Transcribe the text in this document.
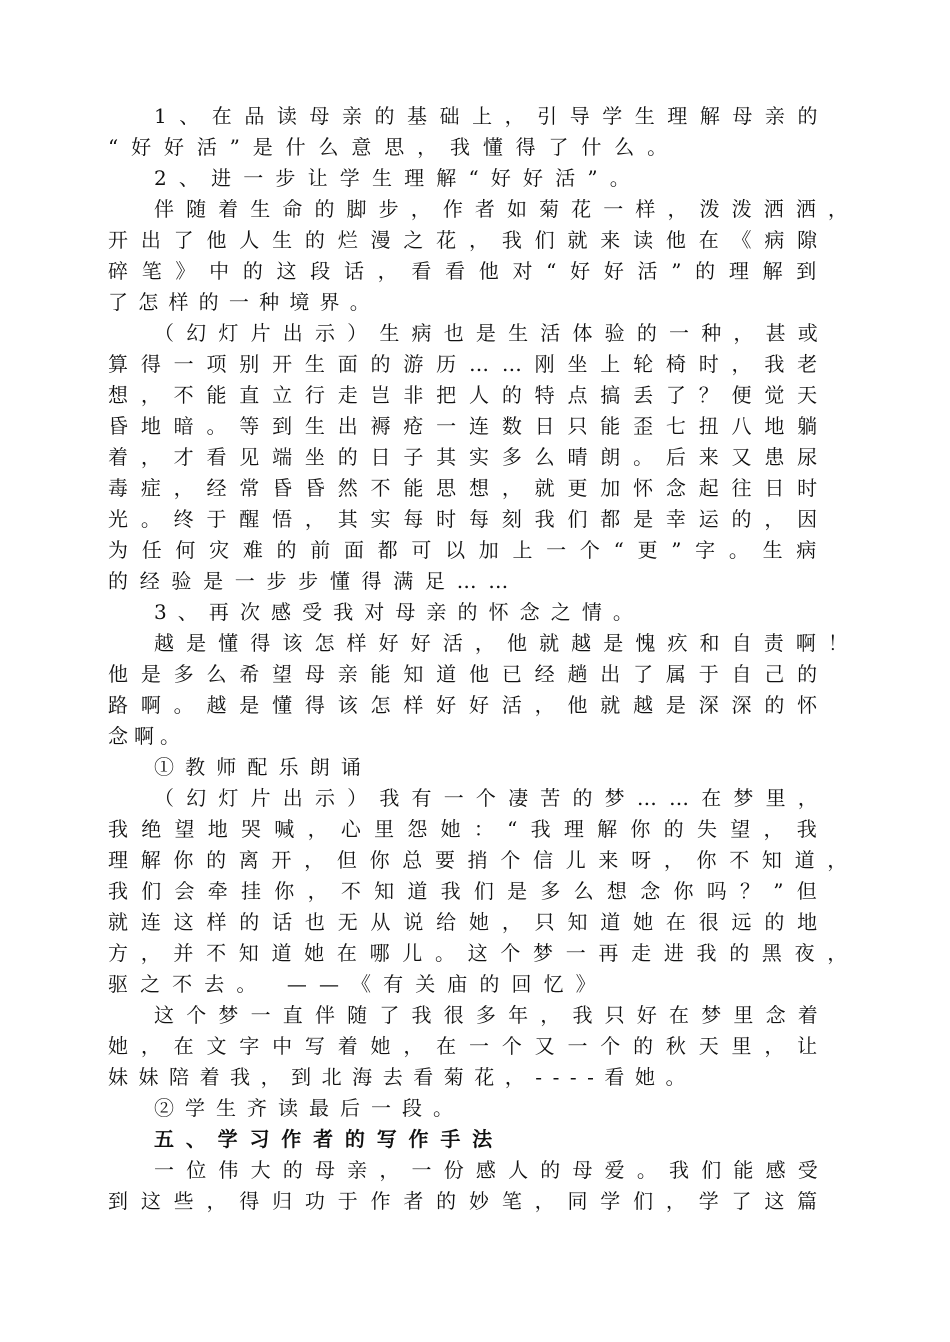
1、在品读母亲的基础上，引导学生理解母亲的
“好好活”是什么意思，我懂得了什么。
2、进一步让学生理解“好好活”。
伴随着生命的脚步，作者如菊花一样，泼泼洒洒，
开出了他人生的烂漫之花，我们就来读他在《病隙
碎笔》中的这段话，看看他对“好好活”的理解到
了怎样的一种境界。
（幻灯片出示）生病也是生活体验的一种，甚或
算得一项别开生面的游历……刚坐上轮椅时，我老
想，不能直立行走岂非把人的特点搞丢了？便觉天
昏地暗。等到生出褥疮一连数日只能歪七扭八地躺
着，才看见端坐的日子其实多么晴朗。后来又患尿
毒症，经常昏昏然不能思想，就更加怀念起往日时
光。终于醒悟，其实每时每刻我们都是幸运的，因
为任何灾难的前面都可以加上一个“更”字。生病
的经验是一步步懂得满足……
3、再次感受我对母亲的怀念之情。
越是懂得该怎样好好活，他就越是愧疚和自责啊！
他是多么希望母亲能知道他已经趟出了属于自己的
路啊。越是懂得该怎样好好活，他就越是深深的怀
念啊。
①教师配乐朗诵
（幻灯片出示）我有一个凄苦的梦……在梦里，
我绝望地哭喊，心里怨她：“我理解你的失望，我
理解你的离开，但你总要捎个信儿来呀，你不知道，
我们会牵挂你，不知道我们是多么想念你吗？”但
就连这样的话也无从说给她，只知道她在很远的地
方，并不知道她在哪儿。这个梦一再走进我的黑夜，
驱之不去。 ——《有关庙的回忆》
这个梦一直伴随了我很多年，我只好在梦里念着
她，在文字中写着她，在一个又一个的秋天里，让
妹妹陪着我，到北海去看菊花，----看她。
②学生齐读最后一段。
五、学习作者的写作手法
一位伟大的母亲，一份感人的母爱。我们能感受
到这些，得归功于作者的妙笔，同学们，学了这篇
